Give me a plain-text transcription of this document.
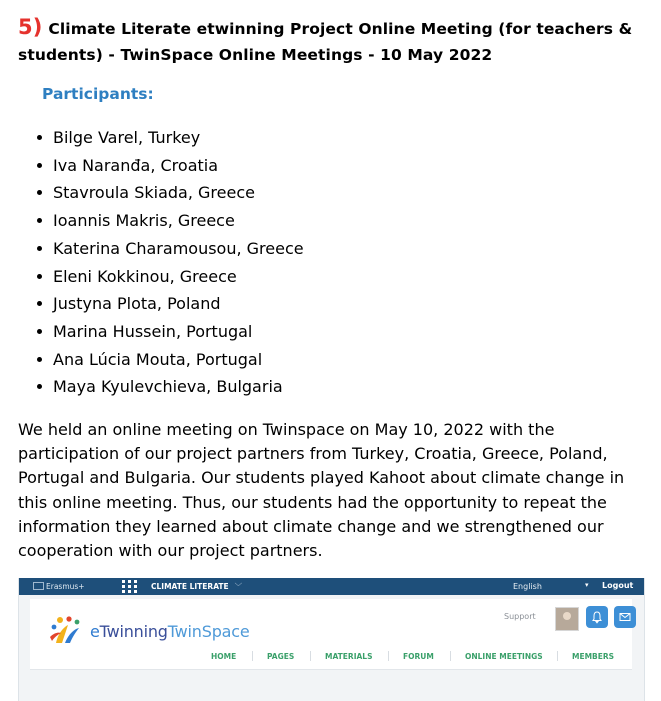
5) Climate Literate etwinning Project Online Meeting (for teachers & students) - TwinSpace Online Meetings - 10 May 2022
Participants:
Bilge Varel, Turkey
Iva Naranđa, Croatia
Stavroula Skiada, Greece
Ioannis Makris, Greece
Katerina Charamousou, Greece
Eleni Kokkinou, Greece
Justyna Plota, Poland
Marina Hussein, Portugal
Ana Lúcia Mouta, Portugal
Maya Kyulevchieva, Bulgaria

We held an online meeting on Twinspace on May 10, 2022 with the participation of our project partners from Turkey, Croatia, Greece, Poland, Portugal and Bulgaria. Our students played Kahoot about climate change in this online meeting. Thus, our students had the opportunity to repeat the information they learned about climate change and we strengthened our cooperation with our project partners.

Erasmus+	CLIMATE LITERATE ﹀	English	▾ Logout
eTwinningTwinSpace
Support
HOME	PAGES	MATERIALS	FORUM	ONLINE MEETINGS	MEMBERS
